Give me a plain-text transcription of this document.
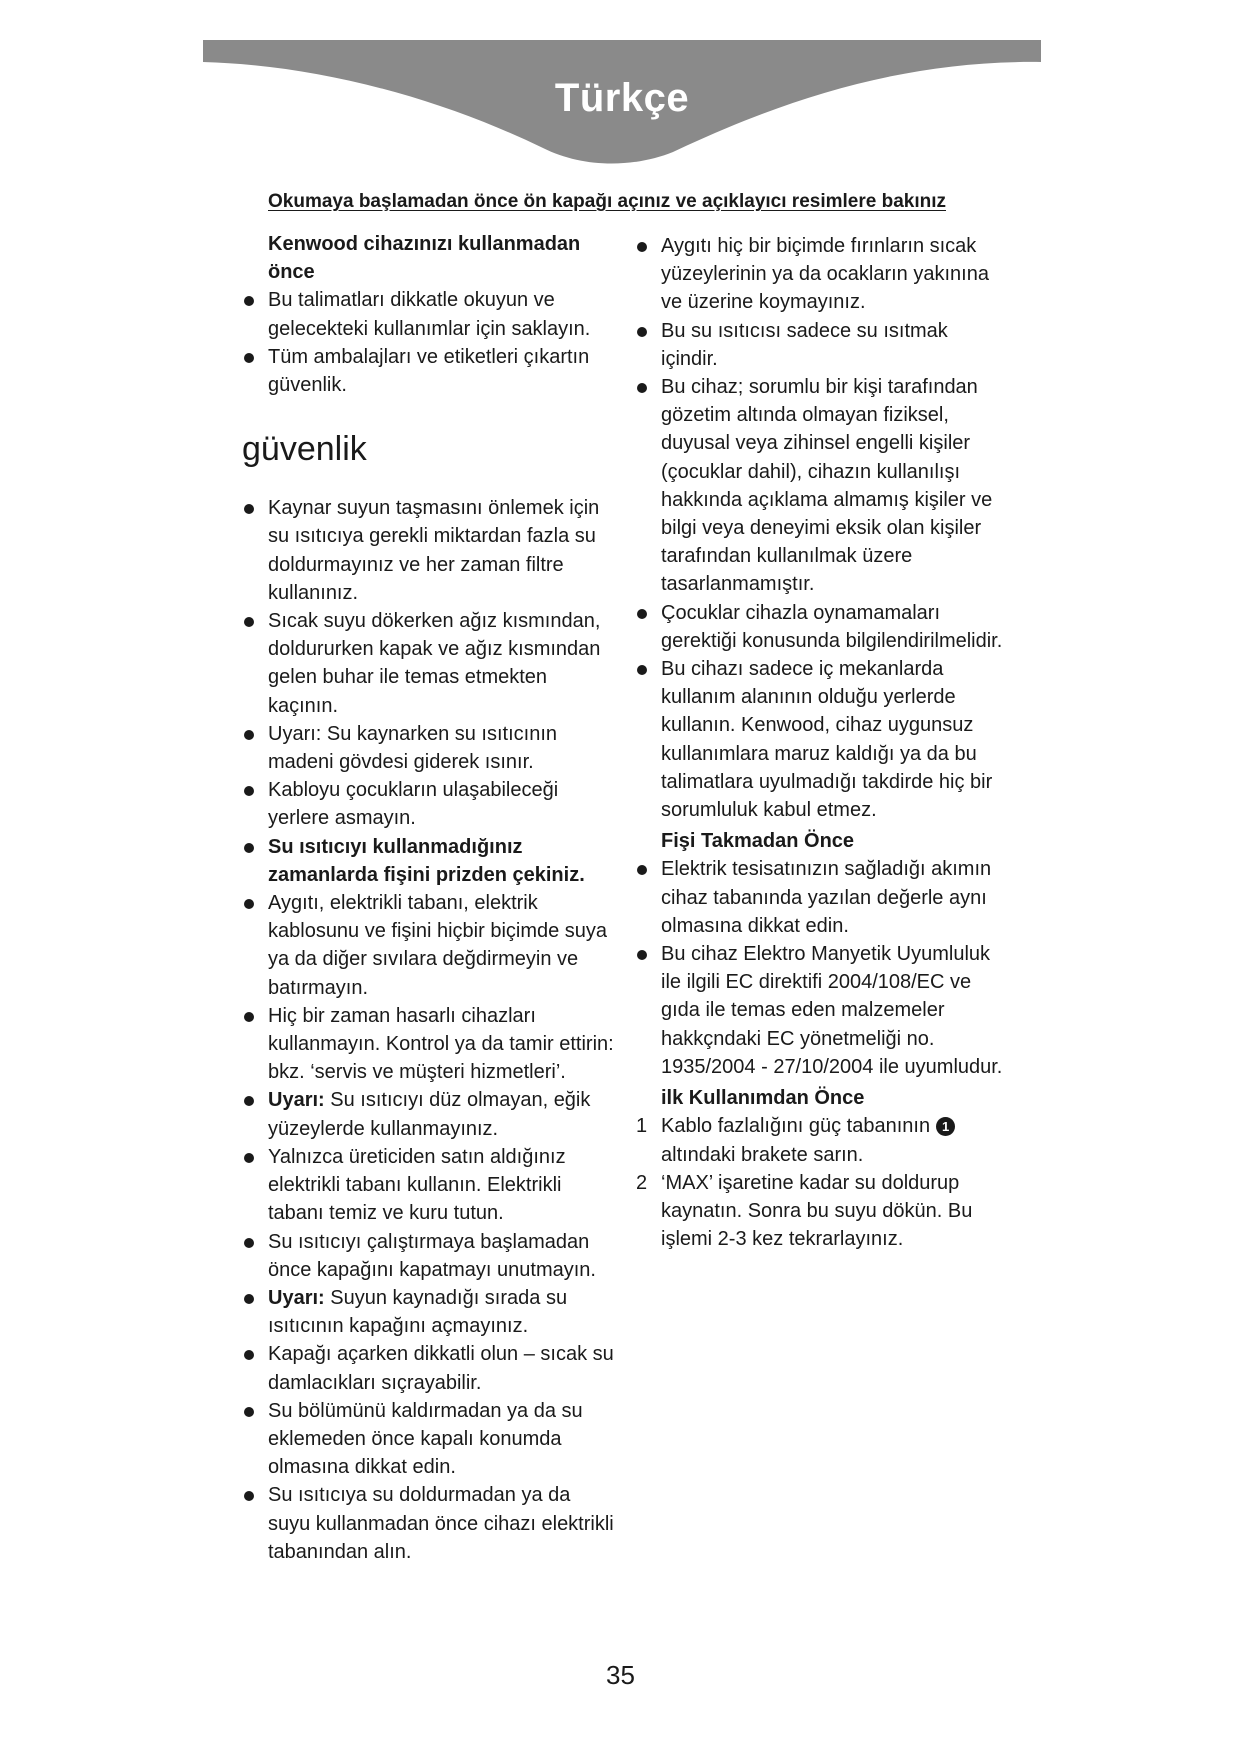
Türkçe
Okumaya başlamadan önce ön kapağı açınız ve açıklayıcı resimlere bakınız

Kenwood cihazınızı kullanmadan önce

Bu talimatları dikkatle okuyun ve gelecekteki kullanımlar için saklayın.

Tüm ambalajları ve etiketleri çıkartın güvenlik.

güvenlik

Kaynar suyun taşmasını önlemek için su ısıtıcıya gerekli miktardan fazla su doldurmayınız ve her zaman filtre kullanınız.

Sıcak suyu dökerken ağız kısmından, doldururken kapak ve ağız kısmından gelen buhar ile temas etmekten kaçının.

Uyarı: Su kaynarken su ısıtıcının madeni gövdesi giderek ısınır.

Kabloyu çocukların ulaşabileceği yerlere asmayın.

Su ısıtıcıyı kullanmadığınız zamanlarda fişini prizden çekiniz.

Aygıtı, elektrikli tabanı, elektrik kablosunu ve fişini hiçbir biçimde suya ya da diğer sıvılara değdirmeyin ve batırmayın.

Hiç bir zaman hasarlı cihazları kullanmayın. Kontrol ya da tamir ettirin: bkz. ‘servis ve müşteri hizmetleri’.

Uyarı: Su ısıtıcıyı düz olmayan, eğik yüzeylerde kullanmayınız.

Yalnızca üreticiden satın aldığınız elektrikli tabanı kullanın. Elektrikli tabanı temiz ve kuru tutun.

Su ısıtıcıyı çalıştırmaya başlamadan önce kapağını kapatmayı unutmayın.

Uyarı: Suyun kaynadığı sırada su ısıtıcının kapağını açmayınız.

Kapağı açarken dikkatli olun – sıcak su damlacıkları sıçrayabilir.

Su bölümünü kaldırmadan ya da su eklemeden önce kapalı konumda olmasına dikkat edin.

Su ısıtıcıya su doldurmadan ya da suyu kullanmadan önce cihazı elektrikli tabanından alın.

Aygıtı hiç bir biçimde fırınların sıcak yüzeylerinin ya da ocakların yakınına ve üzerine koymayınız.

Bu su ısıtıcısı sadece su ısıtmak içindir.

Bu cihaz; sorumlu bir kişi tarafından gözetim altında olmayan fiziksel, duyusal veya zihinsel engelli kişiler (çocuklar dahil), cihazın kullanılışı hakkında açıklama almamış kişiler ve bilgi veya deneyimi eksik olan kişiler tarafından kullanılmak üzere tasarlanmamıştır.

Çocuklar cihazla oynamamaları gerektiği konusunda bilgilendirilmelidir.

Bu cihazı sadece iç mekanlarda kullanım alanının olduğu yerlerde kullanın. Kenwood, cihaz uygunsuz kullanımlara maruz kaldığı ya da bu talimatlara uyulmadığı takdirde hiç bir sorumluluk kabul etmez.

Fişi Takmadan Önce

Elektrik tesisatınızın sağladığı akımın cihaz tabanında yazılan değerle aynı olmasına dikkat edin.

Bu cihaz Elektro Manyetik Uyumluluk ile ilgili EC direktifi 2004/108/EC ve gıda ile temas eden malzemeler hakkçndaki EC yönetmeliği no. 1935/2004 - 27/10/2004 ile uyumludur.

ilk Kullanımdan Önce

1 Kablo fazlalığını güç tabanının 1 altındaki brakete sarın.

2 ‘MAX’ işaretine kadar su doldurup kaynatın. Sonra bu suyu dökün. Bu işlemi 2-3 kez tekrarlayınız.

35
